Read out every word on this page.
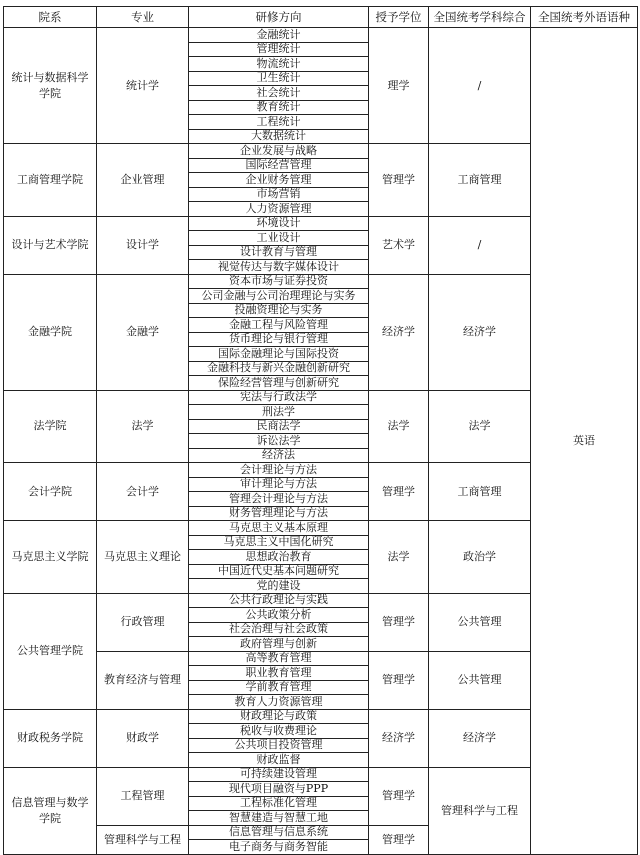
院系	专业	研修方向	授予学位	全国统考学科综合	全国统考外语语种
统计与数据科学学院	统计学	金融统计	理学	/	英语
		管理统计			
		物流统计			
		卫生统计			
		社会统计			
		教育统计			
		工程统计			
		大数据统计			
工商管理学院	企业管理	企业发展与战略	管理学	工商管理	
		国际经营管理			
		企业财务管理			
		市场营销			
		人力资源管理			
设计与艺术学院	设计学	环境设计	艺术学	/	
		工业设计			
		设计教育与管理			
		视觉传达与数字媒体设计			
金融学院	金融学	资本市场与证券投资	经济学	经济学	
		公司金融与公司治理理论与实务			
		投融资理论与实务			
		金融工程与风险管理			
		货币理论与银行管理			
		国际金融理论与国际投资			
		金融科技与新兴金融创新研究			
		保险经营管理与创新研究			
法学院	法学	宪法与行政法学	法学	法学	
		刑法学			
		民商法学			
		诉讼法学			
		经济法			
会计学院	会计学	会计理论与方法	管理学	工商管理	
		审计理论与方法			
		管理会计理论与方法			
		财务管理理论与方法			
马克思主义学院	马克思主义理论	马克思主义基本原理	法学	政治学	
		马克思主义中国化研究			
		思想政治教育			
		中国近代史基本问题研究			
		党的建设			
公共管理学院	行政管理	公共行政理论与实践	管理学	公共管理	
		公共政策分析			
		社会治理与社会政策			
		政府管理与创新			
	教育经济与管理	高等教育管理	管理学	公共管理	
		职业教育管理			
		学前教育管理			
		教育人力资源管理			
财政税务学院	财政学	财政理论与政策	经济学	经济学	
		税收与收费理论			
		公共项目投资管理			
		财政监督			
信息管理与数学学院	工程管理	可持续建设管理	管理学	管理科学与工程	
		现代项目融资与PPP			
		工程标准化管理			
		智慧建造与智慧工地			
	管理科学与工程	信息管理与信息系统	管理学		
		电子商务与商务智能			
